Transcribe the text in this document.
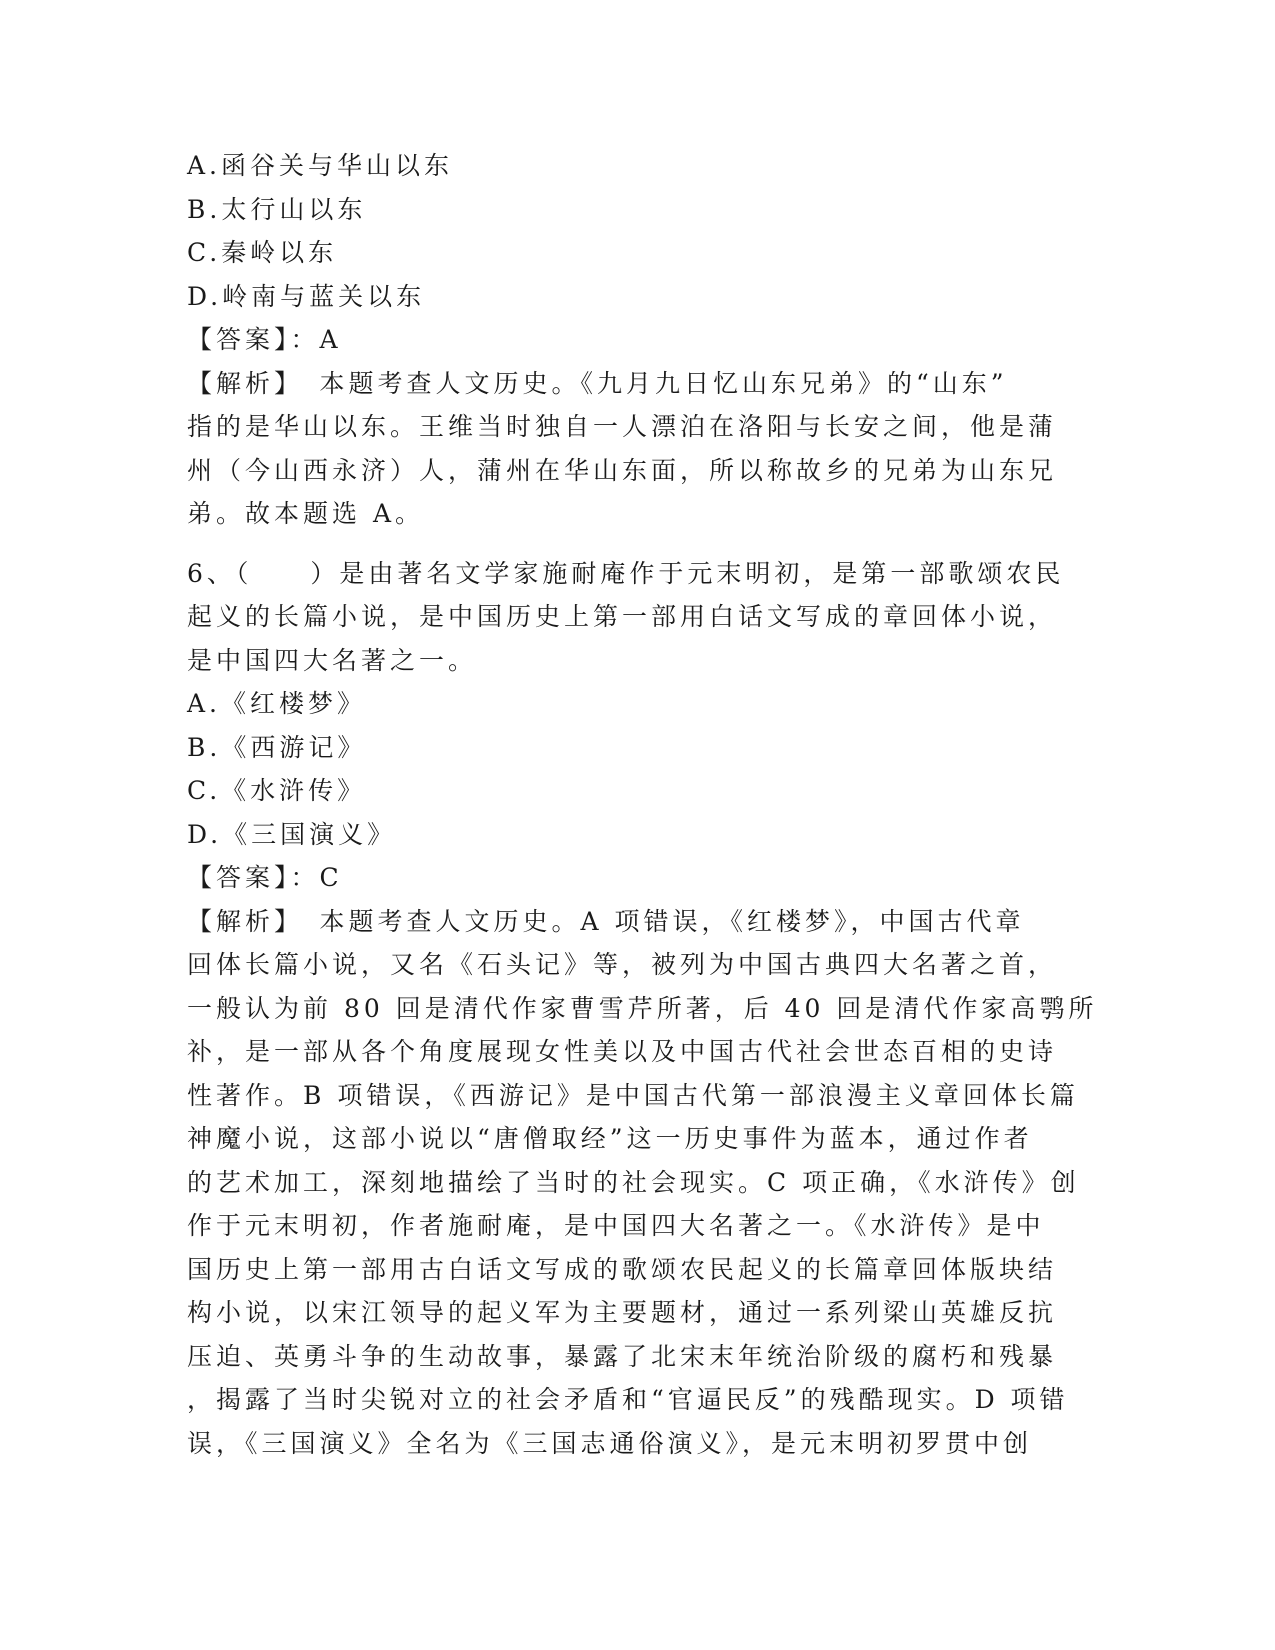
A.函谷关与华山以东
B.太行山以东
C.秦岭以东
D.岭南与蓝关以东
【答案】：A
【解析】　本题考查人文历史。《九月九日忆山东兄弟》的“山东”
指的是华山以东。王维当时独自一人漂泊在洛阳与长安之间，他是蒲
州（今山西永济）人，蒲州在华山东面，所以称故乡的兄弟为山东兄
弟。故本题选 A。
6、（　　）是由著名文学家施耐庵作于元末明初，是第一部歌颂农民
起义的长篇小说，是中国历史上第一部用白话文写成的章回体小说，
是中国四大名著之一。
A.《红楼梦》
B.《西游记》
C.《水浒传》
D.《三国演义》
【答案】：C
【解析】　本题考查人文历史。A 项错误，《红楼梦》，中国古代章
回体长篇小说，又名《石头记》等，被列为中国古典四大名著之首，
一般认为前 80 回是清代作家曹雪芹所著，后 40 回是清代作家高鹗所
补，是一部从各个角度展现女性美以及中国古代社会世态百相的史诗
性著作。B 项错误，《西游记》是中国古代第一部浪漫主义章回体长篇
神魔小说，这部小说以“唐僧取经”这一历史事件为蓝本，通过作者
的艺术加工，深刻地描绘了当时的社会现实。C 项正确，《水浒传》创
作于元末明初，作者施耐庵，是中国四大名著之一。《水浒传》是中
国历史上第一部用古白话文写成的歌颂农民起义的长篇章回体版块结
构小说，以宋江领导的起义军为主要题材，通过一系列梁山英雄反抗
压迫、英勇斗争的生动故事，暴露了北宋末年统治阶级的腐朽和残暴
，揭露了当时尖锐对立的社会矛盾和“官逼民反”的残酷现实。D 项错
误，《三国演义》全名为《三国志通俗演义》，是元末明初罗贯中创
